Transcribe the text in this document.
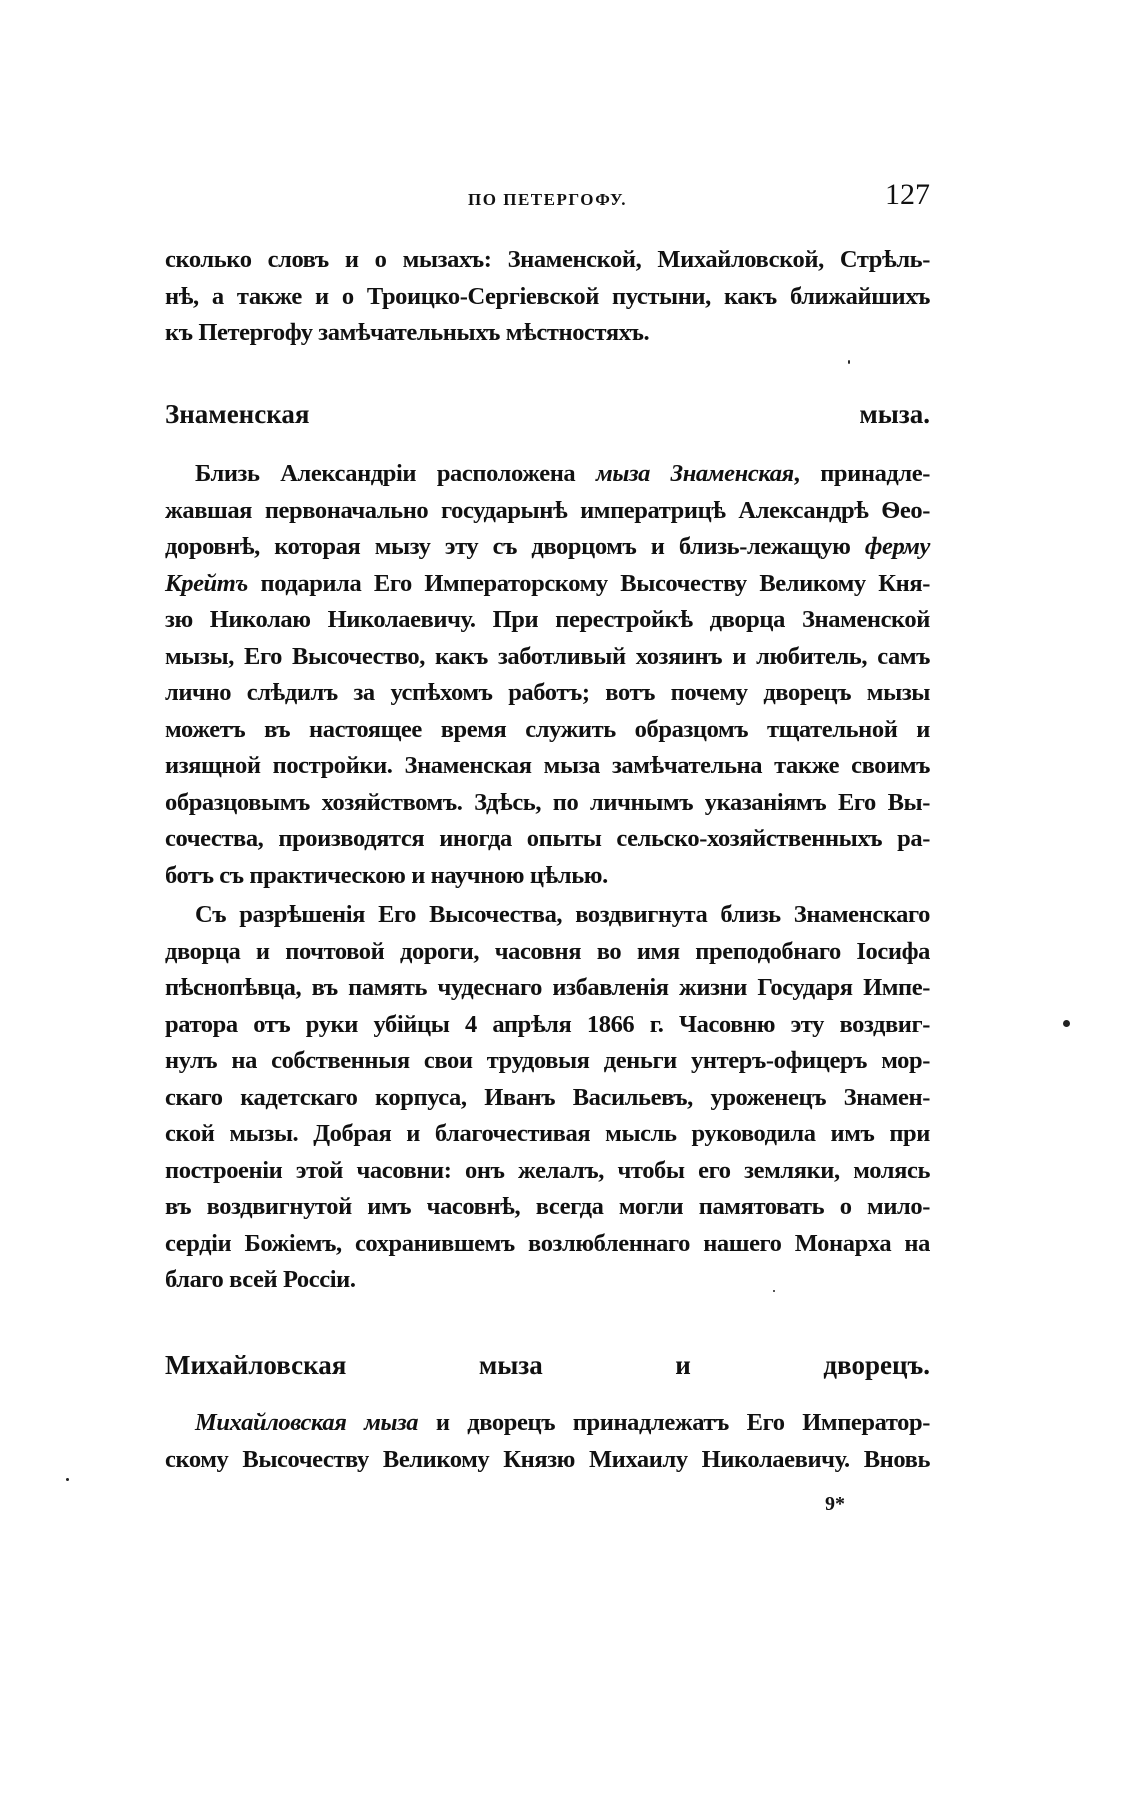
ПО ПЕТЕРГОФУ.	127
сколько словъ и о мызахъ: Знаменской, Михайловской, Стрѣль-
нѣ, а также и о Троицко-Сергіевской пустыни, какъ ближайшихъ
къ Петергофу замѣчательныхъ мѣстностяхъ.
Знаменская мыза.
Близь Александріи расположена мыза Знаменская, принадле-
жавшая первоначально государынѣ императрицѣ Александрѣ Ѳео-
доровнѣ, которая мызу эту съ дворцомъ и близь-лежащую ферму
Крейтъ подарила Его Императорскому Высочеству Великому Кня-
зю Николаю Николаевичу. При перестройкѣ дворца Знаменской
мызы, Его Высочество, какъ заботливый хозяинъ и любитель, самъ
лично слѣдилъ за успѣхомъ работъ; вотъ почему дворецъ мызы
можетъ въ настоящее время служить образцомъ тщательной и
изящной постройки. Знаменская мыза замѣчательна также своимъ
образцовымъ хозяйствомъ. Здѣсь, по личнымъ указаніямъ Его Вы-
сочества, производятся иногда опыты сельско-хозяйственныхъ ра-
ботъ съ практическою и научною цѣлью.
Съ разрѣшенія Его Высочества, воздвигнута близь Знаменскаго
дворца и почтовой дороги, часовня во имя преподобнаго Іосифа
пѣснопѣвца, въ память чудеснаго избавленія жизни Государя Импе-
ратора отъ руки убійцы 4 апрѣля 1866 г. Часовню эту воздвиг-
нулъ на собственныя свои трудовыя деньги унтеръ-офицеръ мор-
скаго кадетскаго корпуса, Иванъ Васильевъ, уроженецъ Знамен-
ской мызы. Добрая и благочестивая мысль руководила имъ при
построеніи этой часовни: онъ желалъ, чтобы его земляки, молясь
въ воздвигнутой имъ часовнѣ, всегда могли памятовать о мило-
сердіи Божіемъ, сохранившемъ возлюбленнаго нашего Монарха на
благо всей Россіи.
Михайловская мыза и дворецъ.
Михайловская мыза и дворецъ принадлежатъ Его Император-
скому Высочеству Великому Князю Михаилу Николаевичу. Вновь
9*
